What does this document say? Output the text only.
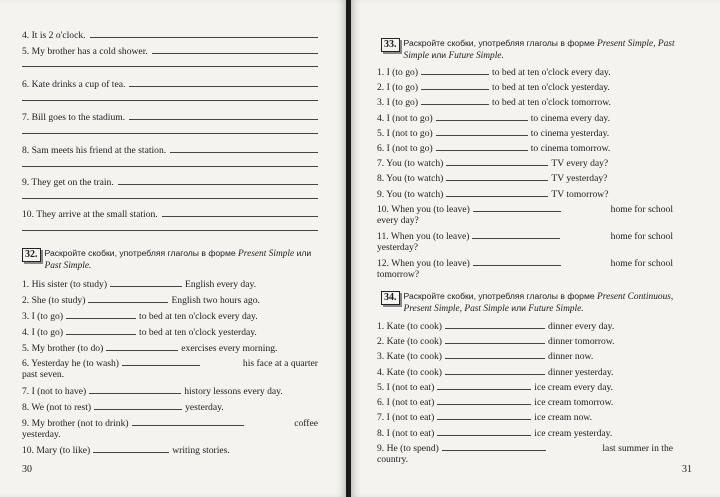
4. It is 2 o'clock.
5. My brother has a cold shower.
6. Kate drinks a cup of tea.
7. Bill goes to the stadium.
8. Sam meets his friend at the station.
9. They get on the train.
10. They arrive at the small station.
32. Раскройте скобки, употребляя глаголы в форме Present Simple или Past Simple.
1. His sister (to study)	English every day.
2. She (to study)	English two hours ago.
3. I (to go)	to bed at ten o'clock every day.
4. I (to go)	to bed at ten o'clock yesterday.
5. My brother (to do)	exercises every morning.
6. Yesterday he (to wash)	his face at a quarter
past seven.
7. I (not to have)	history lessons every day.
8. We (not to rest)	yesterday.
9. My brother (not to drink)	coffee
yesterday.
10. Mary (to like)	writing stories.
30
33. Раскройте скобки, употребляя глаголы в форме Present Simple, Past Simple или Future Simple.
1. I (to go)	to bed at ten o'clock every day.
2. I (to go)	to bed at ten o'clock yesterday.
3. I (to go)	to bed at ten o'clock tomorrow.
4. I (not to go)	to cinema every day.
5. I (not to go)	to cinema yesterday.
6. I (not to go)	to cinema tomorrow.
7. You (to watch)	TV every day?
8. You (to watch)	TV yesterday?
9. You (to watch)	TV tomorrow?
10. When you (to leave)	home for school
every day?
11. When you (to leave)	home for school
yesterday?
12. When you (to leave)	home for school
tomorrow?
34. Раскройте скобки, употребляя глаголы в форме Present Continuous, Present Simple, Past Simple или Future Simple.
1. Kate (to cook)	dinner every day.
2. Kate (to cook)	dinner tomorrow.
3. Kate (to cook)	dinner now.
4. Kate (to cook)	dinner yesterday.
5. I (not to eat)	ice cream every day.
6. I (not to eat)	ice cream tomorrow.
7. I (not to eat)	ice cream now.
8. I (not to eat)	ice cream yesterday.
9. He (to spend)	last summer in the
country.
31
